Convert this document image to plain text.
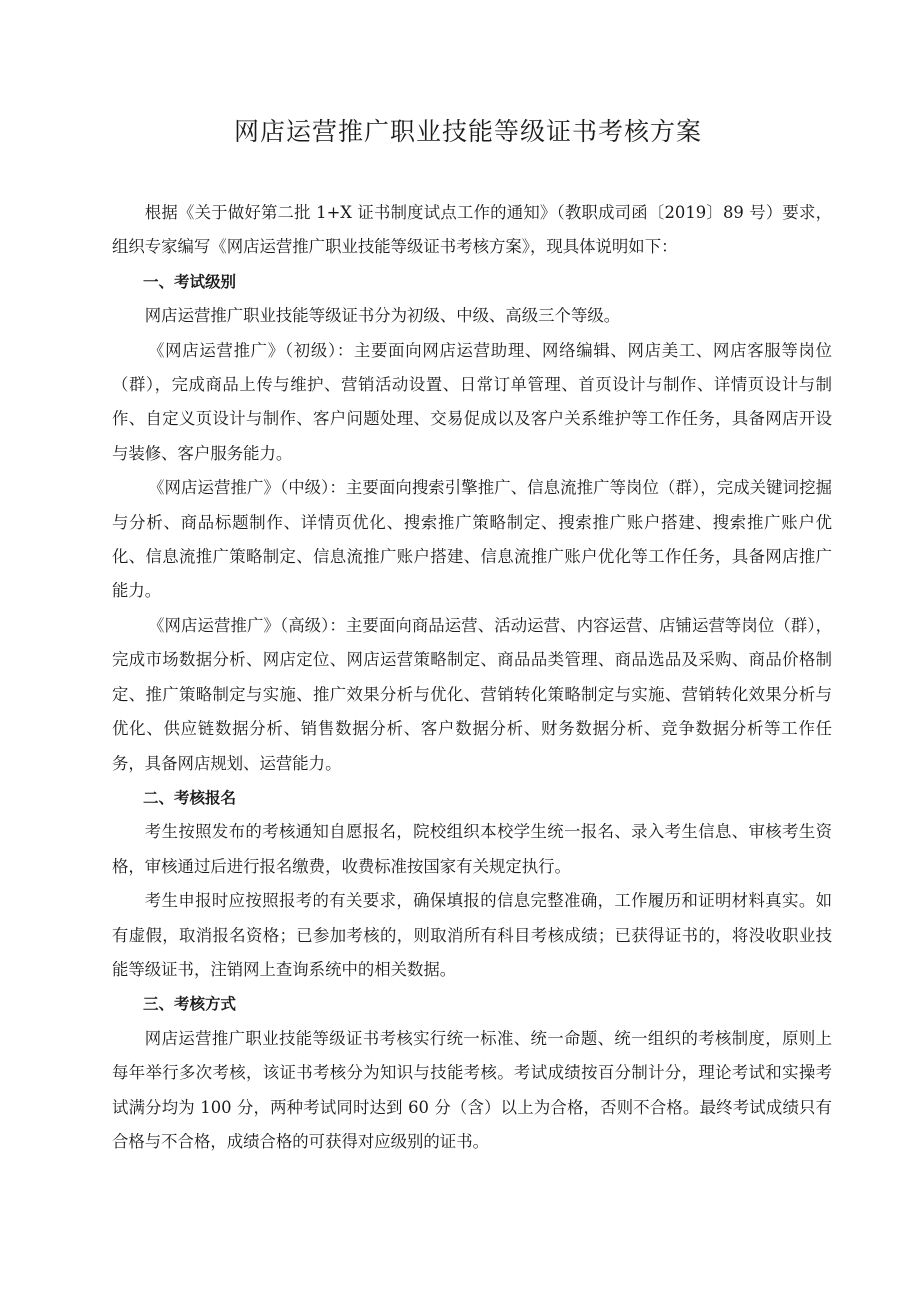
网店运营推广职业技能等级证书考核方案

根据《关于做好第二批 1+X 证书制度试点工作的通知》（教职成司函〔2019〕89 号）要求，组织专家编写《网店运营推广职业技能等级证书考核方案》，现具体说明如下：

一、考试级别

网店运营推广职业技能等级证书分为初级、中级、高级三个等级。

《网店运营推广》（初级）：主要面向网店运营助理、网络编辑、网店美工、网店客服等岗位（群），完成商品上传与维护、营销活动设置、日常订单管理、首页设计与制作、详情页设计与制作、自定义页设计与制作、客户问题处理、交易促成以及客户关系维护等工作任务，具备网店开设与装修、客户服务能力。

《网店运营推广》（中级）：主要面向搜索引擎推广、信息流推广等岗位（群），完成关键词挖掘与分析、商品标题制作、详情页优化、搜索推广策略制定、搜索推广账户搭建、搜索推广账户优化、信息流推广策略制定、信息流推广账户搭建、信息流推广账户优化等工作任务，具备网店推广能力。

《网店运营推广》（高级）：主要面向商品运营、活动运营、内容运营、店铺运营等岗位（群），完成市场数据分析、网店定位、网店运营策略制定、商品品类管理、商品选品及采购、商品价格制定、推广策略制定与实施、推广效果分析与优化、营销转化策略制定与实施、营销转化效果分析与优化、供应链数据分析、销售数据分析、客户数据分析、财务数据分析、竞争数据分析等工作任务，具备网店规划、运营能力。

二、考核报名

考生按照发布的考核通知自愿报名，院校组织本校学生统一报名、录入考生信息、审核考生资格，审核通过后进行报名缴费，收费标准按国家有关规定执行。

考生申报时应按照报考的有关要求，确保填报的信息完整准确，工作履历和证明材料真实。如有虚假，取消报名资格；已参加考核的，则取消所有科目考核成绩；已获得证书的，将没收职业技能等级证书，注销网上查询系统中的相关数据。

三、考核方式

网店运营推广职业技能等级证书考核实行统一标准、统一命题、统一组织的考核制度，原则上每年举行多次考核，该证书考核分为知识与技能考核。考试成绩按百分制计分，理论考试和实操考试满分均为 100 分，两种考试同时达到 60 分（含）以上为合格，否则不合格。最终考试成绩只有合格与不合格，成绩合格的可获得对应级别的证书。
